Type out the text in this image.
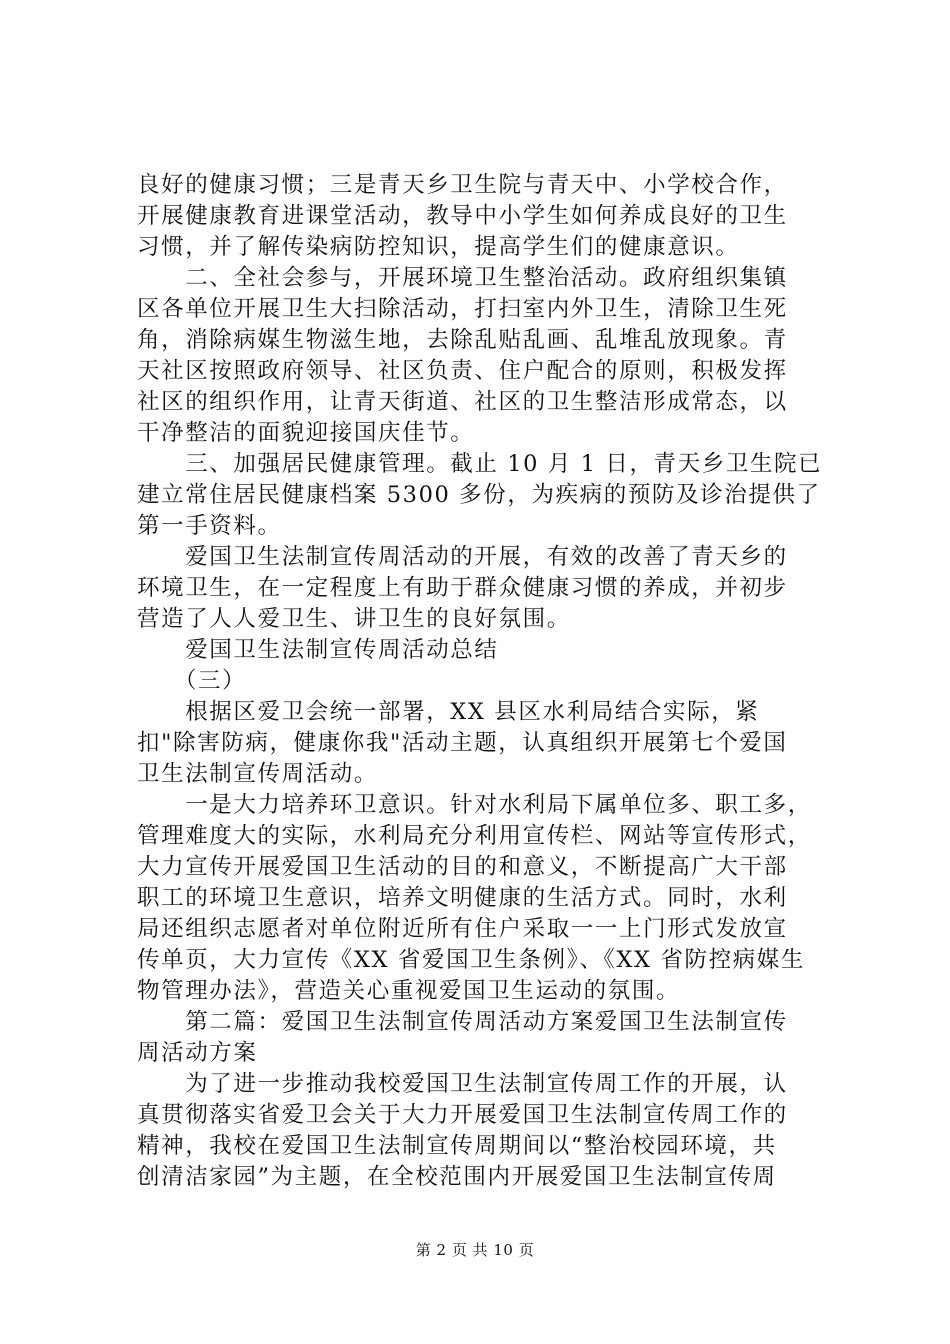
良好的健康习惯；三是青天乡卫生院与青天中、小学校合作，
开展健康教育进课堂活动，教导中小学生如何养成良好的卫生
习惯，并了解传染病防控知识，提高学生们的健康意识。
　　二、全社会参与，开展环境卫生整治活动。政府组织集镇
区各单位开展卫生大扫除活动，打扫室内外卫生，清除卫生死
角，消除病媒生物滋生地，去除乱贴乱画、乱堆乱放现象。青
天社区按照政府领导、社区负责、住户配合的原则，积极发挥
社区的组织作用，让青天街道、社区的卫生整洁形成常态，以
干净整洁的面貌迎接国庆佳节。
　　三、加强居民健康管理。截止 10 月 1 日，青天乡卫生院已
建立常住居民健康档案 5300 多份，为疾病的预防及诊治提供了
第一手资料。
　　爱国卫生法制宣传周活动的开展，有效的改善了青天乡的
环境卫生，在一定程度上有助于群众健康习惯的养成，并初步
营造了人人爱卫生、讲卫生的良好氛围。
　　爱国卫生法制宣传周活动总结
　　（三）
　　根据区爱卫会统一部署，XX 县区水利局结合实际，紧
扣"除害防病，健康你我"活动主题，认真组织开展第七个爱国
卫生法制宣传周活动。
　　一是大力培养环卫意识。针对水利局下属单位多、职工多，
管理难度大的实际，水利局充分利用宣传栏、网站等宣传形式，
大力宣传开展爱国卫生活动的目的和意义，不断提高广大干部
职工的环境卫生意识，培养文明健康的生活方式。同时，水利
局还组织志愿者对单位附近所有住户采取一一上门形式发放宣
传单页，大力宣传《XX 省爱国卫生条例》、《XX 省防控病媒生
物管理办法》，营造关心重视爱国卫生运动的氛围。
　　第二篇：爱国卫生法制宣传周活动方案爱国卫生法制宣传
周活动方案
　　为了进一步推动我校爱国卫生法制宣传周工作的开展，认
真贯彻落实省爱卫会关于大力开展爱国卫生法制宣传周工作的
精神，我校在爱国卫生法制宣传周期间以“整治校园环境，共
创清洁家园”为主题，在全校范围内开展爱国卫生法制宣传周
第 2 页 共 10 页
